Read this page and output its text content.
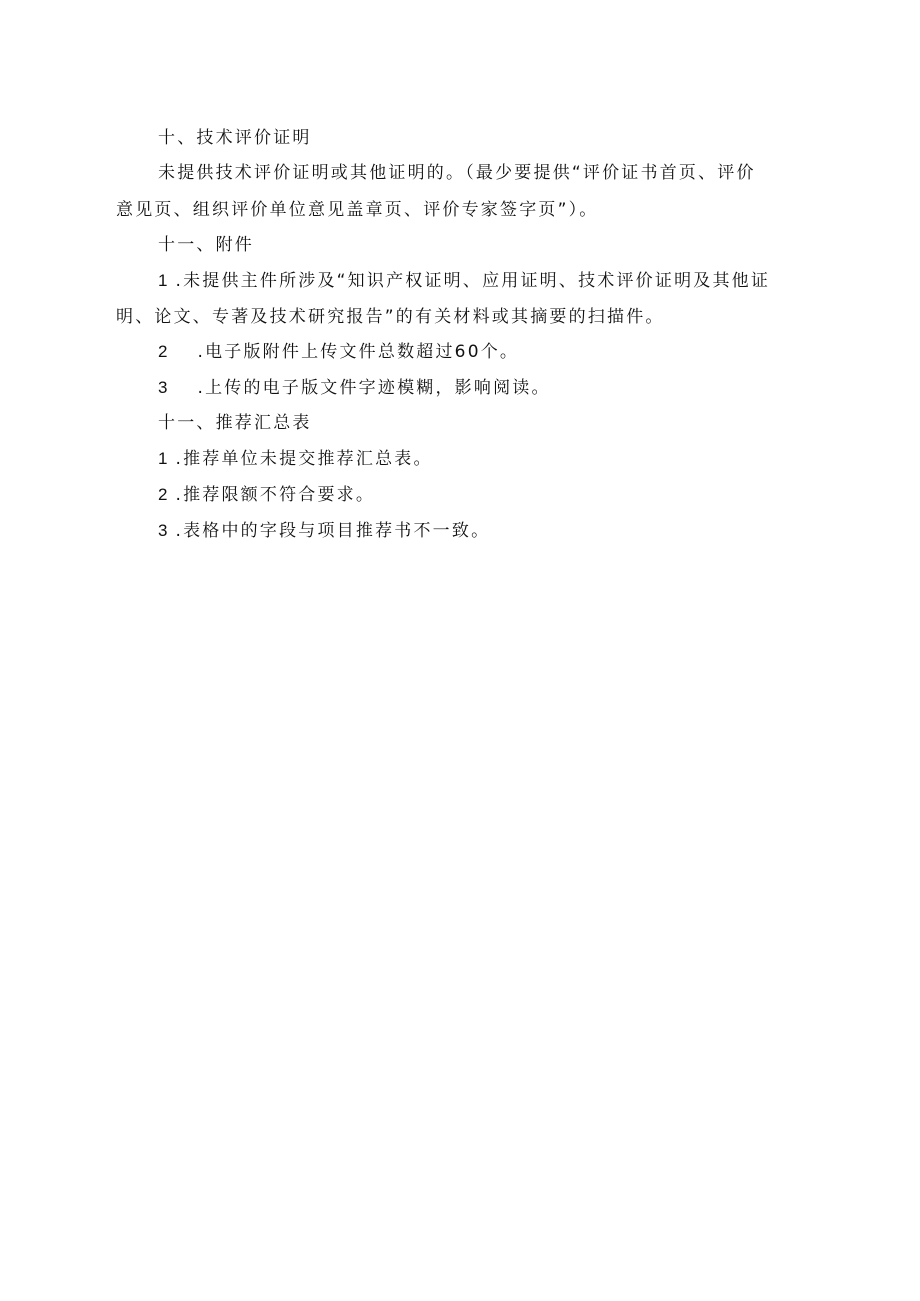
十、技术评价证明
未提供技术评价证明或其他证明的。（最少要提供“评价证书首页、评价
意见页、组织评价单位意见盖章页、评价专家签字页”）。
十一、附件
1 .未提供主件所涉及“知识产权证明、应用证明、技术评价证明及其他证
明、论文、专著及技术研究报告”的有关材料或其摘要的扫描件。
2 .电子版附件上传文件总数超过60个。
3 .上传的电子版文件字迹模糊，影响阅读。
十一、推荐汇总表
1 .推荐单位未提交推荐汇总表。
2 .推荐限额不符合要求。
3 .表格中的字段与项目推荐书不一致。
